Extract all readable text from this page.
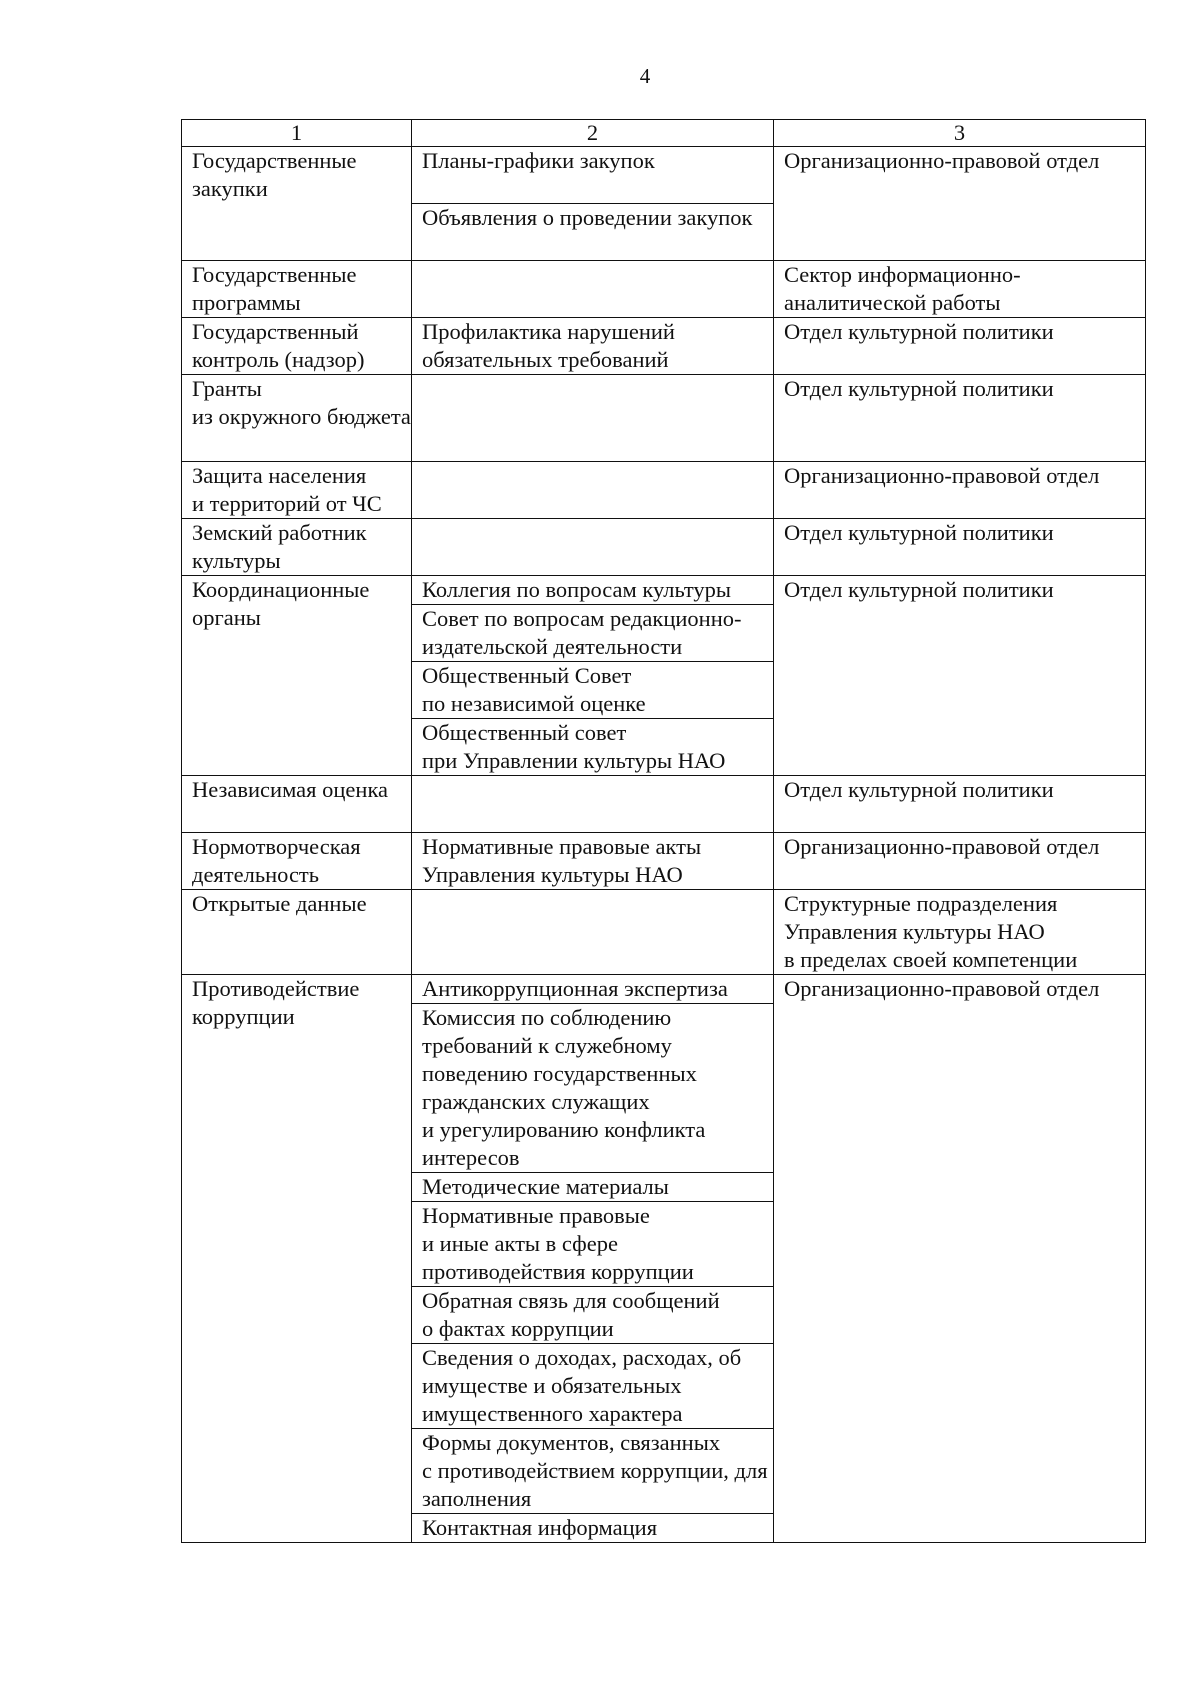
4
1	2	3
Государственные закупки	Планы-графики закупок	Организационно-правовой отдел
	Объявления о проведении закупок	
Государственные программы		Сектор информационно-аналитической работы
Государственный контроль (надзор)	Профилактика нарушений обязательных требований	Отдел культурной политики
Гранты
из окружного бюджета		Отдел культурной политики
Защита населения
и территорий от ЧС		Организационно-правовой отдел
Земский работник культуры		Отдел культурной политики
Координационные органы	Коллегия по вопросам культуры	Отдел культурной политики
	Совет по вопросам редакционно-издательской деятельности	
	Общественный Совет
по независимой оценке	
	Общественный совет
при Управлении культуры НАО	
Независимая оценка		Отдел культурной политики
Нормотворческая деятельность	Нормативные правовые акты Управления культуры НАО	Организационно-правовой отдел
Открытые данные		Структурные подразделения Управления культуры НАО
в пределах своей компетенции
Противодействие коррупции	Антикоррупционная экспертиза	Организационно-правовой отдел
	Комиссия по соблюдению требований к служебному поведению государственных гражданских служащих
и урегулированию конфликта интересов	
	Методические материалы	
	Нормативные правовые
и иные акты в сфере противодействия коррупции	
	Обратная связь для сообщений
о фактах коррупции	
	Сведения о доходах, расходах, об имуществе и обязательных имущественного характера	
	Формы документов, связанных
с противодействием коррупции, для заполнения	
	Контактная информация	
